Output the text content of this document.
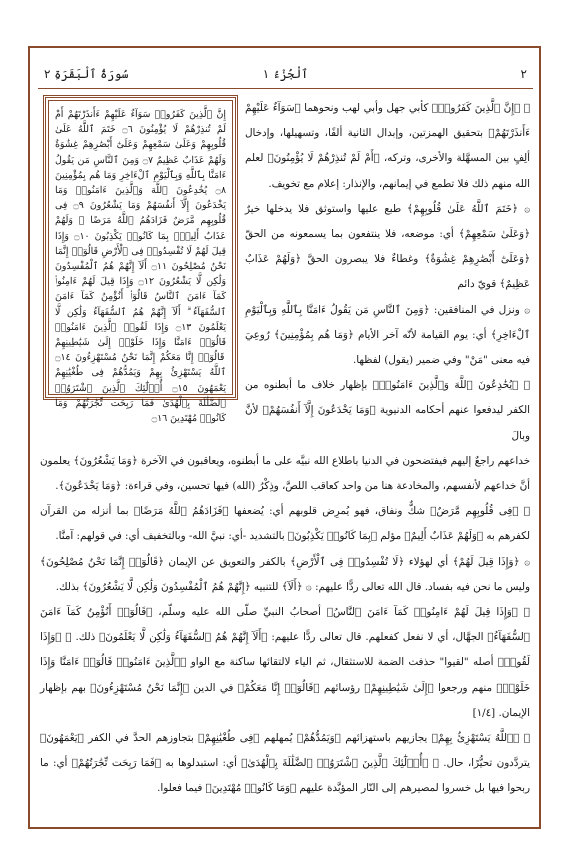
٢
ٱلْجُزْءُ ١
سُورَةُ ٱلْبَقَرَةِ ٢
إِنَّ ٱلَّذِينَ كَفَرُوا۟ سَوَآءٌ عَلَيْهِمْ ءَأَنذَرْتَهُمْ أَمْ لَمْ تُنذِرْهُمْ لَا يُؤْمِنُونَ ۝٦ خَتَمَ ٱللَّهُ عَلَىٰ قُلُوبِهِمْ وَعَلَىٰ سَمْعِهِمْ وَعَلَىٰٓ أَبْصَٰرِهِمْ غِشَٰوَةٌ وَلَهُمْ عَذَابٌ عَظِيمٌ ۝٧ وَمِنَ ٱلنَّاسِ مَن يَقُولُ ءَامَنَّا بِٱللَّهِ وَبِٱلْيَوْمِ ٱلْءَاخِرِ وَمَا هُم بِمُؤْمِنِينَ ۝٨ يُخَٰدِعُونَ ٱللَّهَ وَٱلَّذِينَ ءَامَنُوا۟ وَمَا يَخْدَعُونَ إِلَّآ أَنفُسَهُمْ وَمَا يَشْعُرُونَ ۝٩ فِى قُلُوبِهِم مَّرَضٌ فَزَادَهُمُ ٱللَّهُ مَرَضًا ۖ وَلَهُمْ عَذَابٌ أَلِيمٌۢ بِمَا كَانُوا۟ يَكْذِبُونَ ۝١٠ وَإِذَا قِيلَ لَهُمْ لَا تُفْسِدُوا۟ فِى ٱلْأَرْضِ قَالُوٓا۟ إِنَّمَا نَحْنُ مُصْلِحُونَ ۝١١ أَلَآ إِنَّهُمْ هُمُ ٱلْمُفْسِدُونَ وَلَٰكِن لَّا يَشْعُرُونَ ۝١٢ وَإِذَا قِيلَ لَهُمْ ءَامِنُوا۟ كَمَآ ءَامَنَ ٱلنَّاسُ قَالُوٓا۟ أَنُؤْمِنُ كَمَآ ءَامَنَ ٱلسُّفَهَآءُ ۗ أَلَآ إِنَّهُمْ هُمُ ٱلسُّفَهَآءُ وَلَٰكِن لَّا يَعْلَمُونَ ۝١٣ وَإِذَا لَقُوا۟ ٱلَّذِينَ ءَامَنُوا۟ قَالُوٓا۟ ءَامَنَّا وَإِذَا خَلَوْا۟ إِلَىٰ شَيَٰطِينِهِمْ قَالُوٓا۟ إِنَّا مَعَكُمْ إِنَّمَا نَحْنُ مُسْتَهْزِءُونَ ۝١٤ ٱللَّهُ يَسْتَهْزِئُ بِهِمْ وَيَمُدُّهُمْ فِى طُغْيَٰنِهِمْ يَعْمَهُونَ ۝١٥ أُو۟لَٰٓئِكَ ٱلَّذِينَ ٱشْتَرَوُا۟ ٱلضَّلَٰلَةَ بِٱلْهُدَىٰ فَمَا رَبِحَت تِّجَٰرَتُهُمْ وَمَا كَانُوا۟ مُهْتَدِينَ ۝١٦

۞ ﴿إِنَّ ٱلَّذِينَ كَفَرُوا۟﴾ كأبي جهل وأبي لهب ونحوهما ﴿سَوَآءٌ عَلَيْهِمْ ءَأَنذَرْتَهُمْ﴾ بتحقيق الهمزتين، وإبدال الثانية ألفًا، وتسهيلها، وإدخال ألِفٍ بين المسهَّلة والأخرى، وتركه، ﴿أَمْ لَمْ تُنذِرْهُمْ لَا يُؤْمِنُونَ﴾ لعلم الله منهم ذلك فلا تطمع في إيمانهم، والإنذار: إعلام مع تخويف.

۞ ﴿خَتَمَ ٱللَّهُ عَلَىٰ قُلُوبِهِمْ﴾ طبع عليها واستوثق فلا يدخلها خيرٌ ﴿وَعَلَىٰ سَمْعِهِمْ﴾ أي: موضعه، فلا ينتفعون بما يسمعونه من الحقّ ﴿وَعَلَىٰٓ أَبْصَٰرِهِمْ غِشَٰوَةٌ﴾ وغطاءٌ فلا يبصرون الحقَّ ﴿وَلَهُمْ عَذَابٌ عَظِيمٌ﴾ قويّ دائم

۞ ونزل في المنافقين: ﴿وَمِنَ ٱلنَّاسِ مَن يَقُولُ ءَامَنَّا بِٱللَّهِ وَبِٱلْيَوْمِ ٱلْءَاخِرِ﴾ أي: يوم القيامة لأنّه آخر الأيام ﴿وَمَا هُم بِمُؤْمِنِينَ﴾ رُوعِيَ فيه معنى "مَنْ" وفي ضمير (يقول) لفظها.

۞ ﴿يُخَٰدِعُونَ ٱللَّهَ وَٱلَّذِينَ ءَامَنُوا۟﴾ بإظهار خلاف ما أبطنوه من الكفر ليدفعوا عنهم أحكامه الدنيوية ﴿وَمَا يَخْدَعُونَ إِلَّآ أَنفُسَهُمْ﴾ لأنَّ وبالَ

خداعهم راجعٌ إليهم فيفتضحون في الدنيا باطلاع الله نبيَّه على ما أبطنوه، ويعاقبون في الآخرة ﴿وَمَا يَشْعُرُونَ﴾ يعلمون أنَّ خداعهم لأنفسهم، والمخادعة هنا من واحد كعاقب اللصَّ، وذِكْرُ (الله) فيها تحسين، وفي قراءة: ﴿وَمَا يَخْدَعُونَ﴾.

۞ ﴿فِى قُلُوبِهِم مَّرَضٌ﴾ شكٌّ ونفاق، فهو يُمرِض قلوبهم أي: يُضعفها ﴿فَزَادَهُمُ ٱللَّهُ مَرَضًا﴾ بما أنزله من القرآن لكفرهم به ﴿وَلَهُمْ عَذَابٌ أَلِيمٌ﴾ مؤلم ﴿بِمَا كَانُوا۟ يَكْذِبُونَ﴾ بالتشديد -أي: نبيَّ الله- وبالتخفيف أي: في قولهم: آمنَّا.

۞ ﴿وَإِذَا قِيلَ لَهُمْ﴾ أي لهؤلاء ﴿لَا تُفْسِدُوا۟ فِى ٱلْأَرْضِ﴾ بالكفر والتعويق عن الإيمان ﴿قَالُوٓا۟ إِنَّمَا نَحْنُ مُصْلِحُونَ﴾ وليس ما نحن فيه بفساد. قال الله تعالى ردًّا عليهم: ۞ ﴿أَلَآ﴾ للتنبيه ﴿إِنَّهُمْ هُمُ ٱلْمُفْسِدُونَ وَلَٰكِن لَّا يَشْعُرُونَ﴾ بذلك.

۞ ﴿وَإِذَا قِيلَ لَهُمْ ءَامِنُوا۟ كَمَآ ءَامَنَ ٱلنَّاسُ﴾ أصحابُ النبيِّ صلّى الله عليه وسلّم، ﴿قَالُوٓا۟ أَنُؤْمِنُ كَمَآ ءَامَنَ ٱلسُّفَهَآءُ﴾ الجهَّال، أي لا نفعل كفعلهم. قال تعالى ردًّا عليهم: ﴿أَلَآ إِنَّهُمْ هُمُ ٱلسُّفَهَآءُ وَلَٰكِن لَّا يَعْلَمُونَ﴾ ذلك. ۞ ﴿وَإِذَا لَقُوا۟﴾ أصله "لقيوا" حذفت الضمة للاستثقال، ثم الياء لالتقائها ساكنة مع الواو ﴿ٱلَّذِينَ ءَامَنُوا۟ قَالُوٓا۟ ءَامَنَّا وَإِذَا خَلَوْا۟﴾ منهم ورجعوا ﴿إِلَىٰ شَيَٰطِينِهِمْ﴾ رؤسائهم ﴿قَالُوٓا۟ إِنَّا مَعَكُمْ﴾ في الدين ﴿إِنَّمَا نَحْنُ مُسْتَهْزِءُونَ﴾ بهم بإظهار الإيمان. [١/٤]

۞ ﴿ٱللَّهُ يَسْتَهْزِئُ بِهِمْ﴾ يجازيهم باستهزائهم ﴿وَيَمُدُّهُمْ﴾ يُمهلهم ﴿فِى طُغْيَٰنِهِمْ﴾ بتجاوزهم الحدَّ في الكفر ﴿يَعْمَهُونَ﴾ يتردَّدون تحيُّرًا، حال. ۞ ﴿أُو۟لَٰٓئِكَ ٱلَّذِينَ ٱشْتَرَوُا۟ ٱلضَّلَٰلَةَ بِٱلْهُدَىٰ﴾ أي: استبدلوها به ﴿فَمَا رَبِحَت تِّجَٰرَتُهُمْ﴾ أي: ما ربحوا فيها بل خسروا لمصيرهم إلى النّار المؤبَّدة عليهم ﴿وَمَا كَانُوا۟ مُهْتَدِينَ﴾ فيما فعلوا.
